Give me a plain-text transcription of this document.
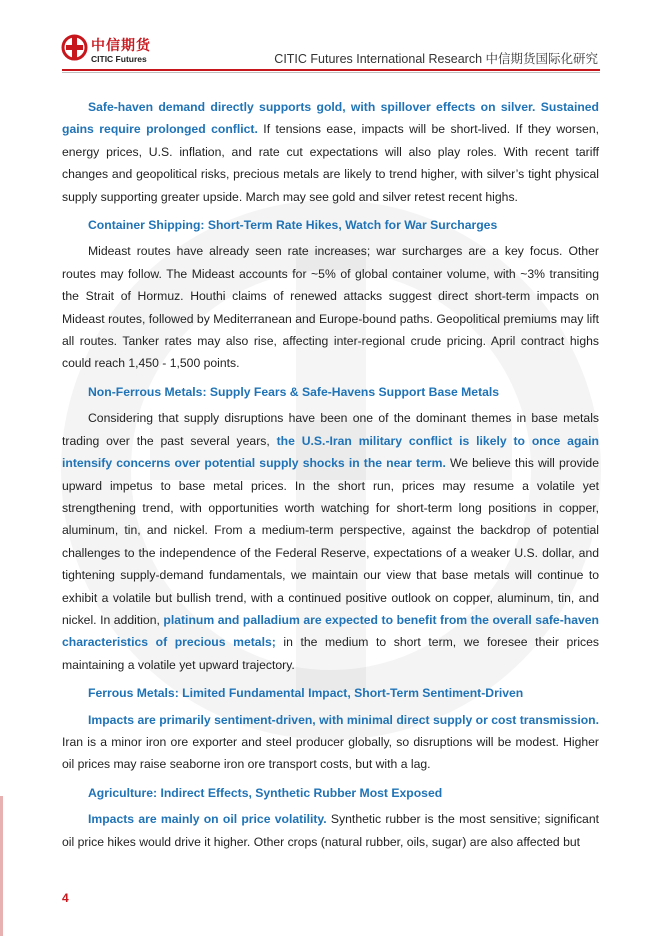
中信期货
CITIC Futures	CITIC Futures International Research 中信期货国际化研究

Safe-haven demand directly supports gold, with spillover effects on silver. Sustained gains require prolonged conflict. If tensions ease, impacts will be short-lived. If they worsen, energy prices, U.S. inflation, and rate cut expectations will also play roles. With recent tariff changes and geopolitical risks, precious metals are likely to trend higher, with silver’s tight physical supply supporting greater upside. March may see gold and silver retest recent highs.

Container Shipping: Short-Term Rate Hikes, Watch for War Surcharges

Mideast routes have already seen rate increases; war surcharges are a key focus. Other routes may follow. The Mideast accounts for ~5% of global container volume, with ~3% transiting the Strait of Hormuz. Houthi claims of renewed attacks suggest direct short-term impacts on Mideast routes, followed by Mediterranean and Europe-bound paths. Geopolitical premiums may lift all routes. Tanker rates may also rise, affecting inter-regional crude pricing. April contract highs could reach 1,450 - 1,500 points.

Non-Ferrous Metals: Supply Fears & Safe-Havens Support Base Metals

Considering that supply disruptions have been one of the dominant themes in base metals trading over the past several years, the U.S.-Iran military conflict is likely to once again intensify concerns over potential supply shocks in the near term. We believe this will provide upward impetus to base metal prices. In the short run, prices may resume a volatile yet strengthening trend, with opportunities worth watching for short-term long positions in copper, aluminum, tin, and nickel. From a medium-term perspective, against the backdrop of potential challenges to the independence of the Federal Reserve, expectations of a weaker U.S. dollar, and tightening supply-demand fundamentals, we maintain our view that base metals will continue to exhibit a volatile but bullish trend, with a continued positive outlook on copper, aluminum, tin, and nickel. In addition, platinum and palladium are expected to benefit from the overall safe-haven characteristics of precious metals; in the medium to short term, we foresee their prices maintaining a volatile yet upward trajectory.

Ferrous Metals: Limited Fundamental Impact, Short-Term Sentiment-Driven

Impacts are primarily sentiment-driven, with minimal direct supply or cost transmission. Iran is a minor iron ore exporter and steel producer globally, so disruptions will be modest. Higher oil prices may raise seaborne iron ore transport costs, but with a lag.

Agriculture: Indirect Effects, Synthetic Rubber Most Exposed

Impacts are mainly on oil price volatility. Synthetic rubber is the most sensitive; significant oil price hikes would drive it higher. Other crops (natural rubber, oils, sugar) are also affected but

4
